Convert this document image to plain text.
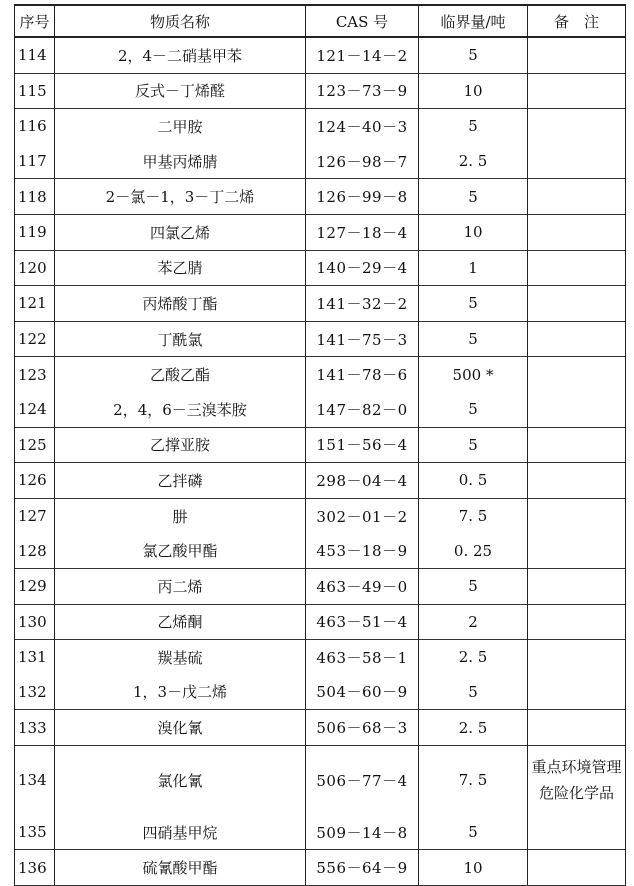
序号	物质名称	CAS 号	临界量/吨	备　注
114	2，4－二硝基甲苯	121－14－2	5	
115	反式－丁烯醛	123－73－9	10	
116	二甲胺	124－40－3	5	
117	甲基丙烯腈	126－98－7	2. 5	
118	2－氯－1，3－丁二烯	126－99－8	5	
119	四氯乙烯	127－18－4	10	
120	苯乙腈	140－29－4	1	
121	丙烯酸丁酯	141－32－2	5	
122	丁酰氯	141－75－3	5	
123	乙酸乙酯	141－78－6	500 *	
124	2，4，6－三溴苯胺	147－82－0	5	
125	乙撑亚胺	151－56－4	5	
126	乙拌磷	298－04－4	0. 5	
127	肼	302－01－2	7. 5	
128	氯乙酸甲酯	453－18－9	0. 25	
129	丙二烯	463－49－0	5	
130	乙烯酮	463－51－4	2	
131	羰基硫	463－58－1	2. 5	
132	1，3－戊二烯	504－60－9	5	
133	溴化氰	506－68－3	2. 5	
134	氯化氰	506－77－4	7. 5	重点环境管理
危险化学品
135	四硝基甲烷	509－14－8	5	
136	硫氰酸甲酯	556－64－9	10	
